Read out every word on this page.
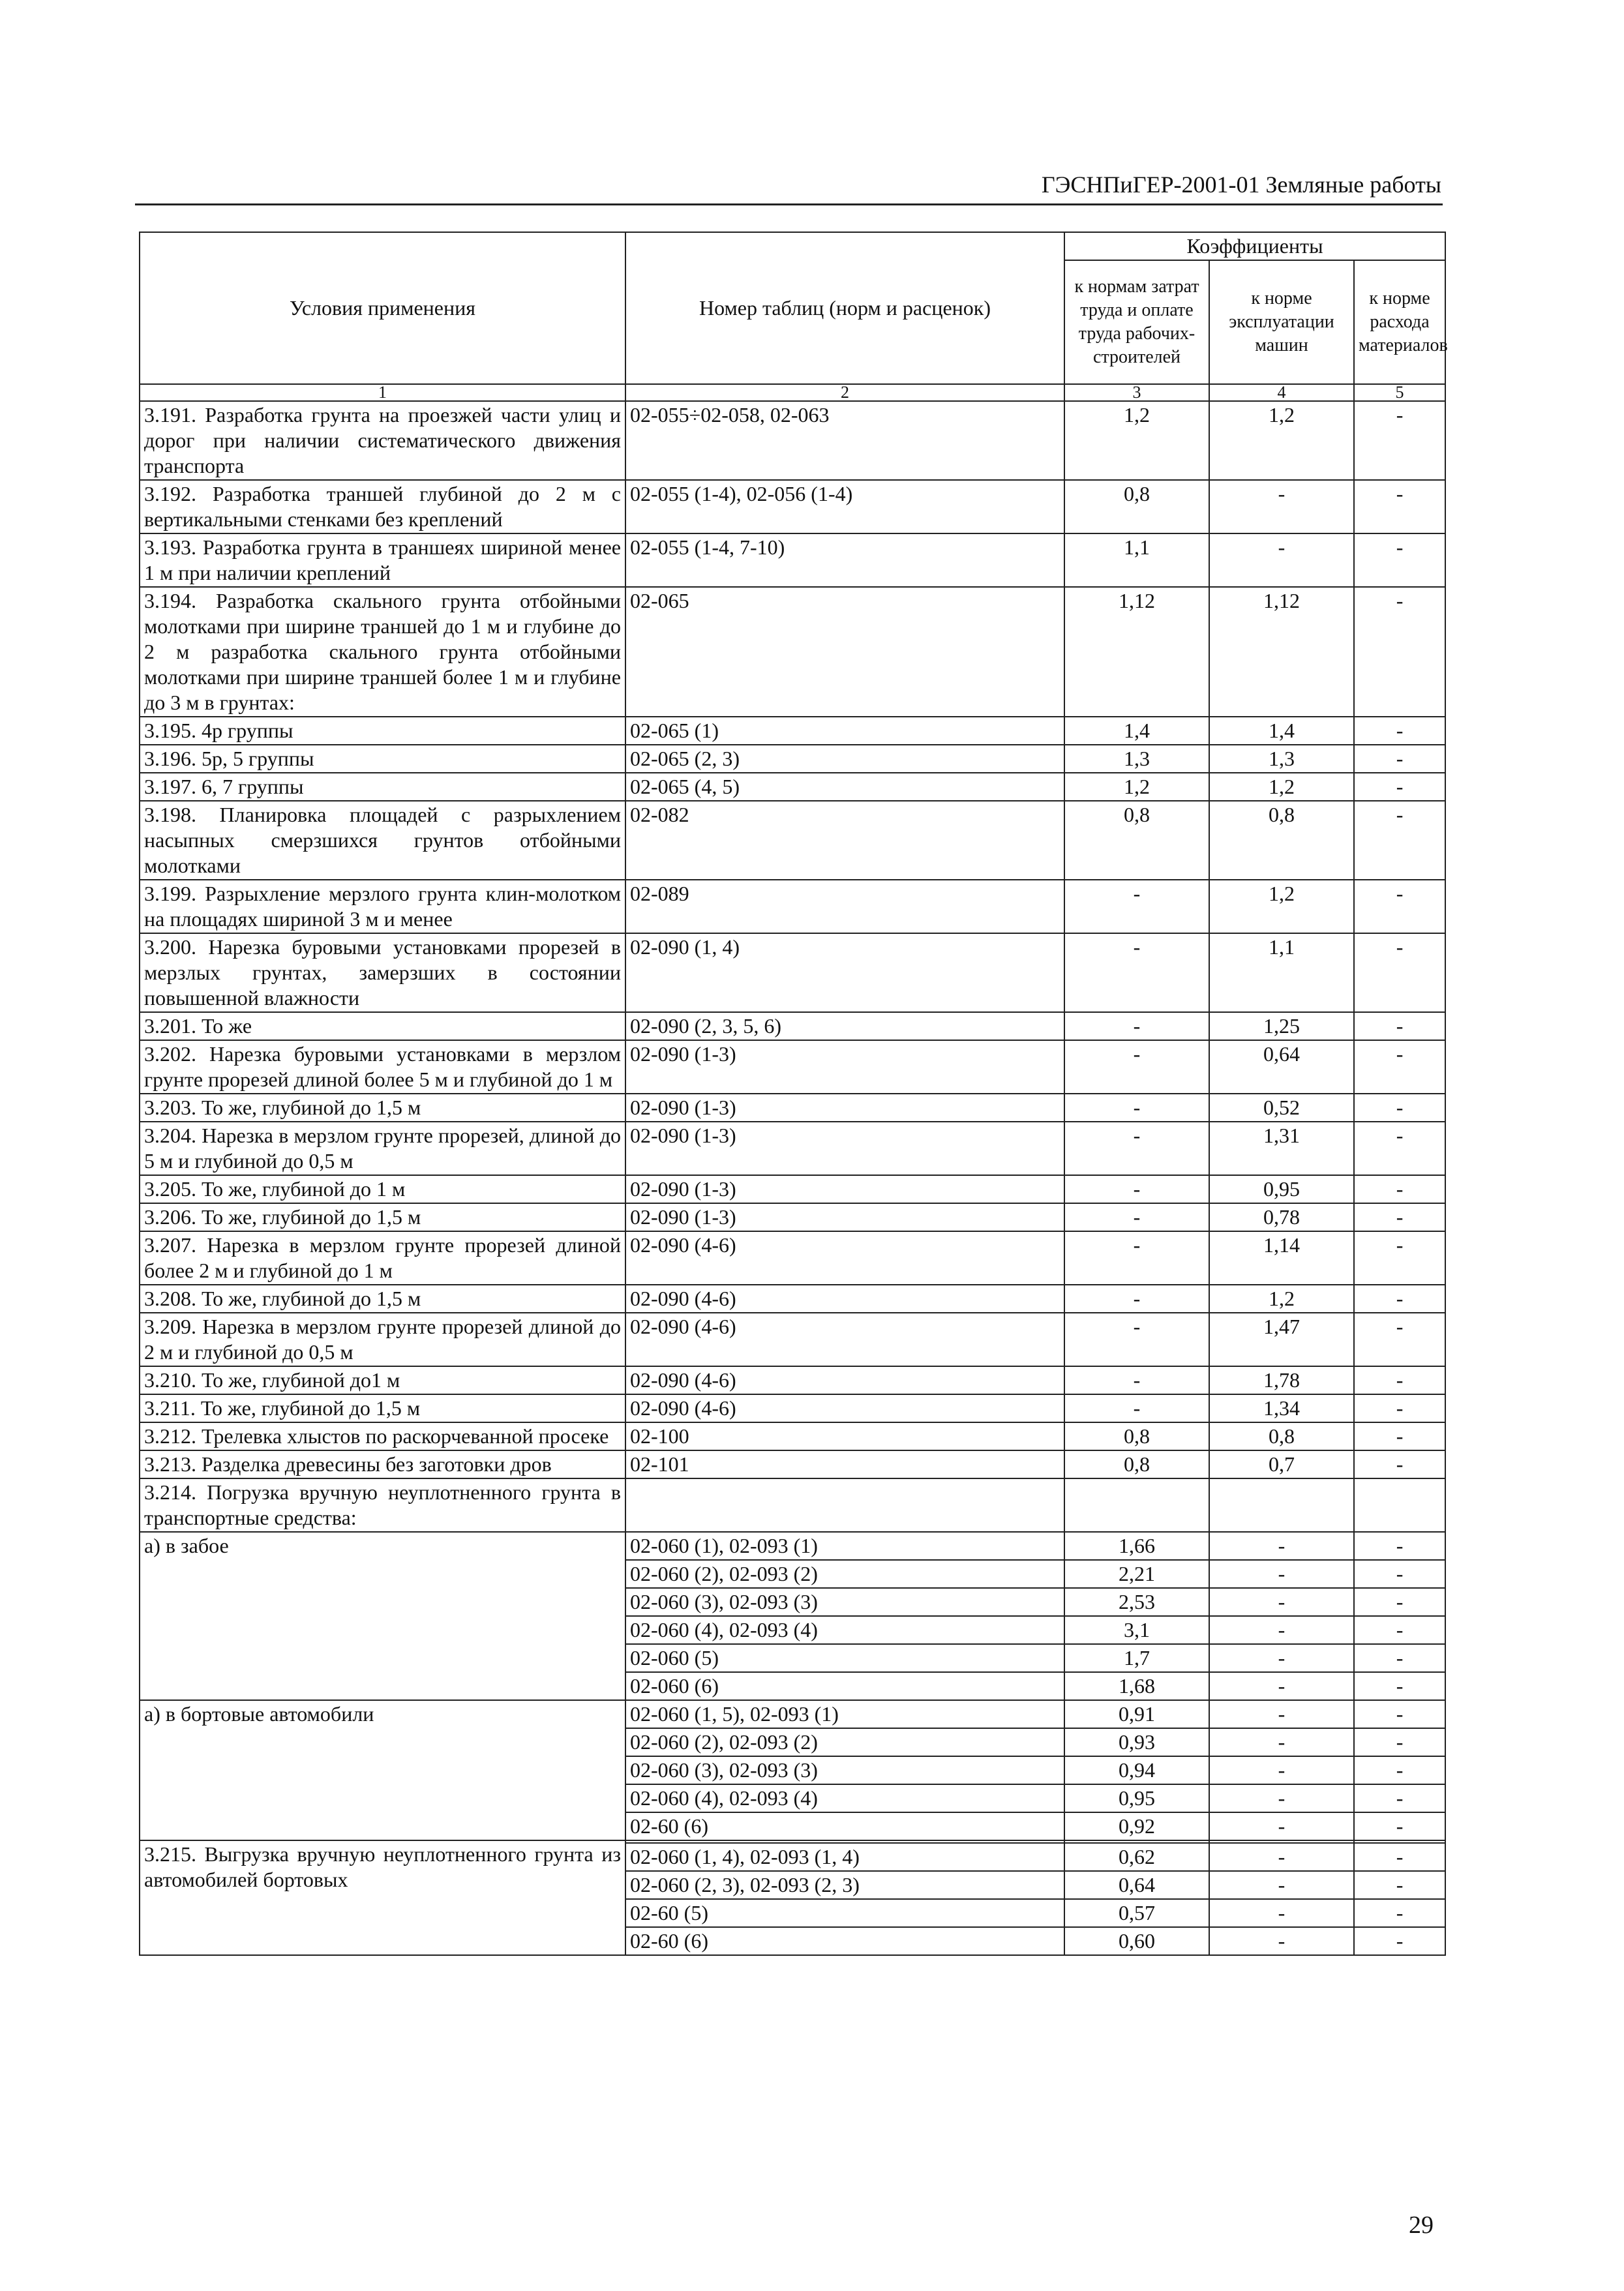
ГЭСНПиГЕР-2001-01 Земляные работы
Условия применения	Номер таблиц (норм и расценок)	Коэффициенты		
		к нормам затрат труда и оплате труда рабочих-строителей	к норме эксплуатации машин	к норме расхода материалов
1	2	3	4	5
3.191. Разработка грунта на проезжей части улиц и дорог при наличии систематического движения транспорта	02-055÷02-058, 02-063	1,2	1,2	-
3.192. Разработка траншей глубиной до 2 м с вертикальными стенками без креплений	02-055 (1-4), 02-056 (1-4)	0,8	-	-
3.193. Разработка грунта в траншеях шириной менее 1 м при наличии креплений	02-055 (1-4, 7-10)	1,1	-	-
3.194. Разработка скального грунта отбойными молотками при ширине траншей до 1 м и глубине до 2 м разработка скального грунта отбойными молотками при ширине траншей более 1 м и глубине до 3 м в грунтах:	02-065	1,12	1,12	-
3.195. 4р группы	02-065 (1)	1,4	1,4	-
3.196. 5р, 5 группы	02-065 (2, 3)	1,3	1,3	-
3.197. 6, 7 группы	02-065 (4, 5)	1,2	1,2	-
3.198. Планировка площадей с разрыхлением насыпных смерзшихся грунтов отбойными молотками	02-082	0,8	0,8	-
3.199. Разрыхление мерзлого грунта клин-молотком на площадях шириной 3 м и менее	02-089	-	1,2	-
3.200. Нарезка буровыми установками прорезей в мерзлых грунтах, замерзших в состоянии повышенной влажности	02-090 (1, 4)	-	1,1	-
3.201. То же	02-090 (2, 3, 5, 6)	-	1,25	-
3.202. Нарезка буровыми установками в мерзлом грунте прорезей длиной более 5 м и глубиной до 1 м	02-090 (1-3)	-	0,64	-
3.203. То же, глубиной до 1,5 м	02-090 (1-3)	-	0,52	-
3.204. Нарезка в мерзлом грунте прорезей, длиной до 5 м и глубиной до 0,5 м	02-090 (1-3)	-	1,31	-
3.205. То же, глубиной до 1 м	02-090 (1-3)	-	0,95	-
3.206. То же, глубиной до 1,5 м	02-090 (1-3)	-	0,78	-
3.207. Нарезка в мерзлом грунте прорезей длиной более 2 м и глубиной до 1 м	02-090 (4-6)	-	1,14	-
3.208. То же, глубиной до 1,5 м	02-090 (4-6)	-	1,2	-
3.209. Нарезка в мерзлом грунте прорезей длиной до 2 м и глубиной до 0,5 м	02-090 (4-6)	-	1,47	-
3.210. То же, глубиной до1 м	02-090 (4-6)	-	1,78	-
3.211. То же, глубиной до 1,5 м	02-090 (4-6)	-	1,34	-
3.212. Трелевка хлыстов по раскорчеванной просеке	02-100	0,8	0,8	-
3.213. Разделка древесины без заготовки дров	02-101	0,8	0,7	-
3.214. Погрузка вручную неуплотненного грунта в транспортные средства:				
а) в забое	02-060 (1), 02-093 (1)	1,66	-	-
	02-060 (2), 02-093 (2)	2,21	-	-
	02-060 (3), 02-093 (3)	2,53	-	-
	02-060 (4), 02-093 (4)	3,1	-	-
	02-060 (5)	1,7	-	-
	02-060 (6)	1,68	-	-
а) в бортовые автомобили	02-060 (1, 5), 02-093 (1)	0,91	-	-
	02-060 (2), 02-093 (2)	0,93	-	-
	02-060 (3), 02-093 (3)	0,94	-	-
	02-060 (4), 02-093 (4)	0,95	-	-
	02-60 (6)	0,92	-	-
3.215. Выгрузка вручную неуплотненного грунта из автомобилей бортовых				
	02-060 (1, 4), 02-093 (1, 4)	0,62	-	-
	02-060 (2, 3), 02-093 (2, 3)	0,64	-	-
	02-60 (5)	0,57	-	-
	02-60 (6)	0,60	-	-
29
